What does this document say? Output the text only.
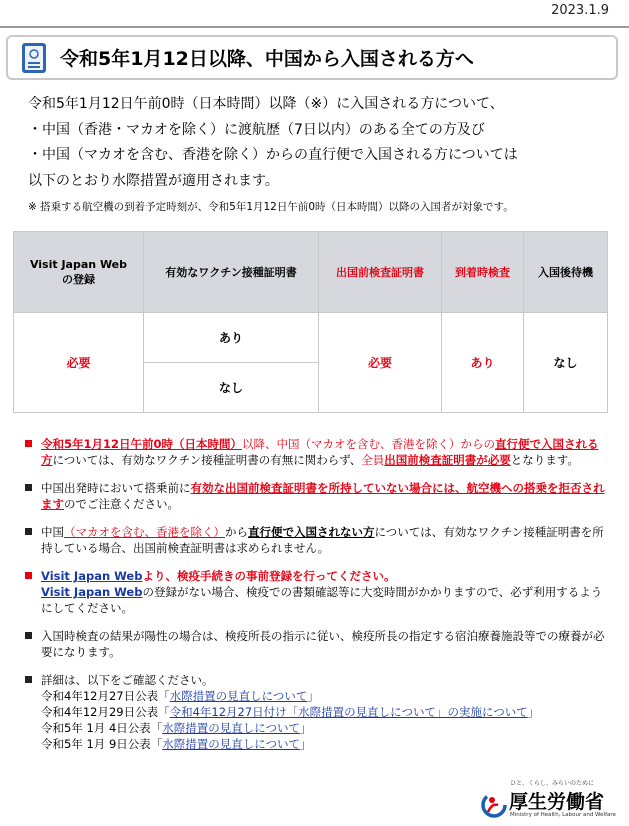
2023.1.9
令和5年1月12日以降、中国から入国される方へ
令和5年1月12日午前0時（日本時間）以降（※）に入国される方について、
・中国（香港・マカオを除く）に渡航歴（7日以内）のある全ての方及び
・中国（マカオを含む、香港を除く）からの直行便で入国される方については
以下のとおり水際措置が適用されます。
※ 搭乗する航空機の到着予定時刻が、令和5年1月12日午前0時（日本時間）以降の入国者が対象です。
Visit Japan Web
の登録	有効なワクチン接種証明書	出国前検査証明書	到着時検査	入国後待機
必要	あり	必要	あり	なし
	なし			
令和5年1月12日午前0時（日本時間）以降、中国（マカオを含む、香港を除く）からの直行便で入国される方については、有効なワクチン接種証明書の有無に関わらず、全員出国前検査証明書が必要となります。
中国出発時において搭乗前に有効な出国前検査証明書を所持していない場合には、航空機への搭乗を拒否されますのでご注意ください。
中国（マカオを含む、香港を除く）から直行便で入国されない方については、有効なワクチン接種証明書を所持している場合、出国前検査証明書は求められません。
Visit Japan Webより、検疫手続きの事前登録を行ってください。
Visit Japan Webの登録がない場合、検疫での書類確認等に大変時間がかかりますので、必ず利用するようにしてください。
入国時検査の結果が陽性の場合は、検疫所長の指示に従い、検疫所長の指定する宿泊療養施設等での療養が必要になります。
詳細は、以下をご確認ください。
令和4年12月27日公表「水際措置の見直しについて」
令和4年12月29日公表「令和4年12月27日付け「水際措置の見直しについて」の実施について」
令和5年 1月 4日公表「水際措置の見直しについて」
令和5年 1月 9日公表「水際措置の見直しについて」
ひと、くらし、みらいのために
厚生労働省
Ministry of Health, Labour and Welfare
